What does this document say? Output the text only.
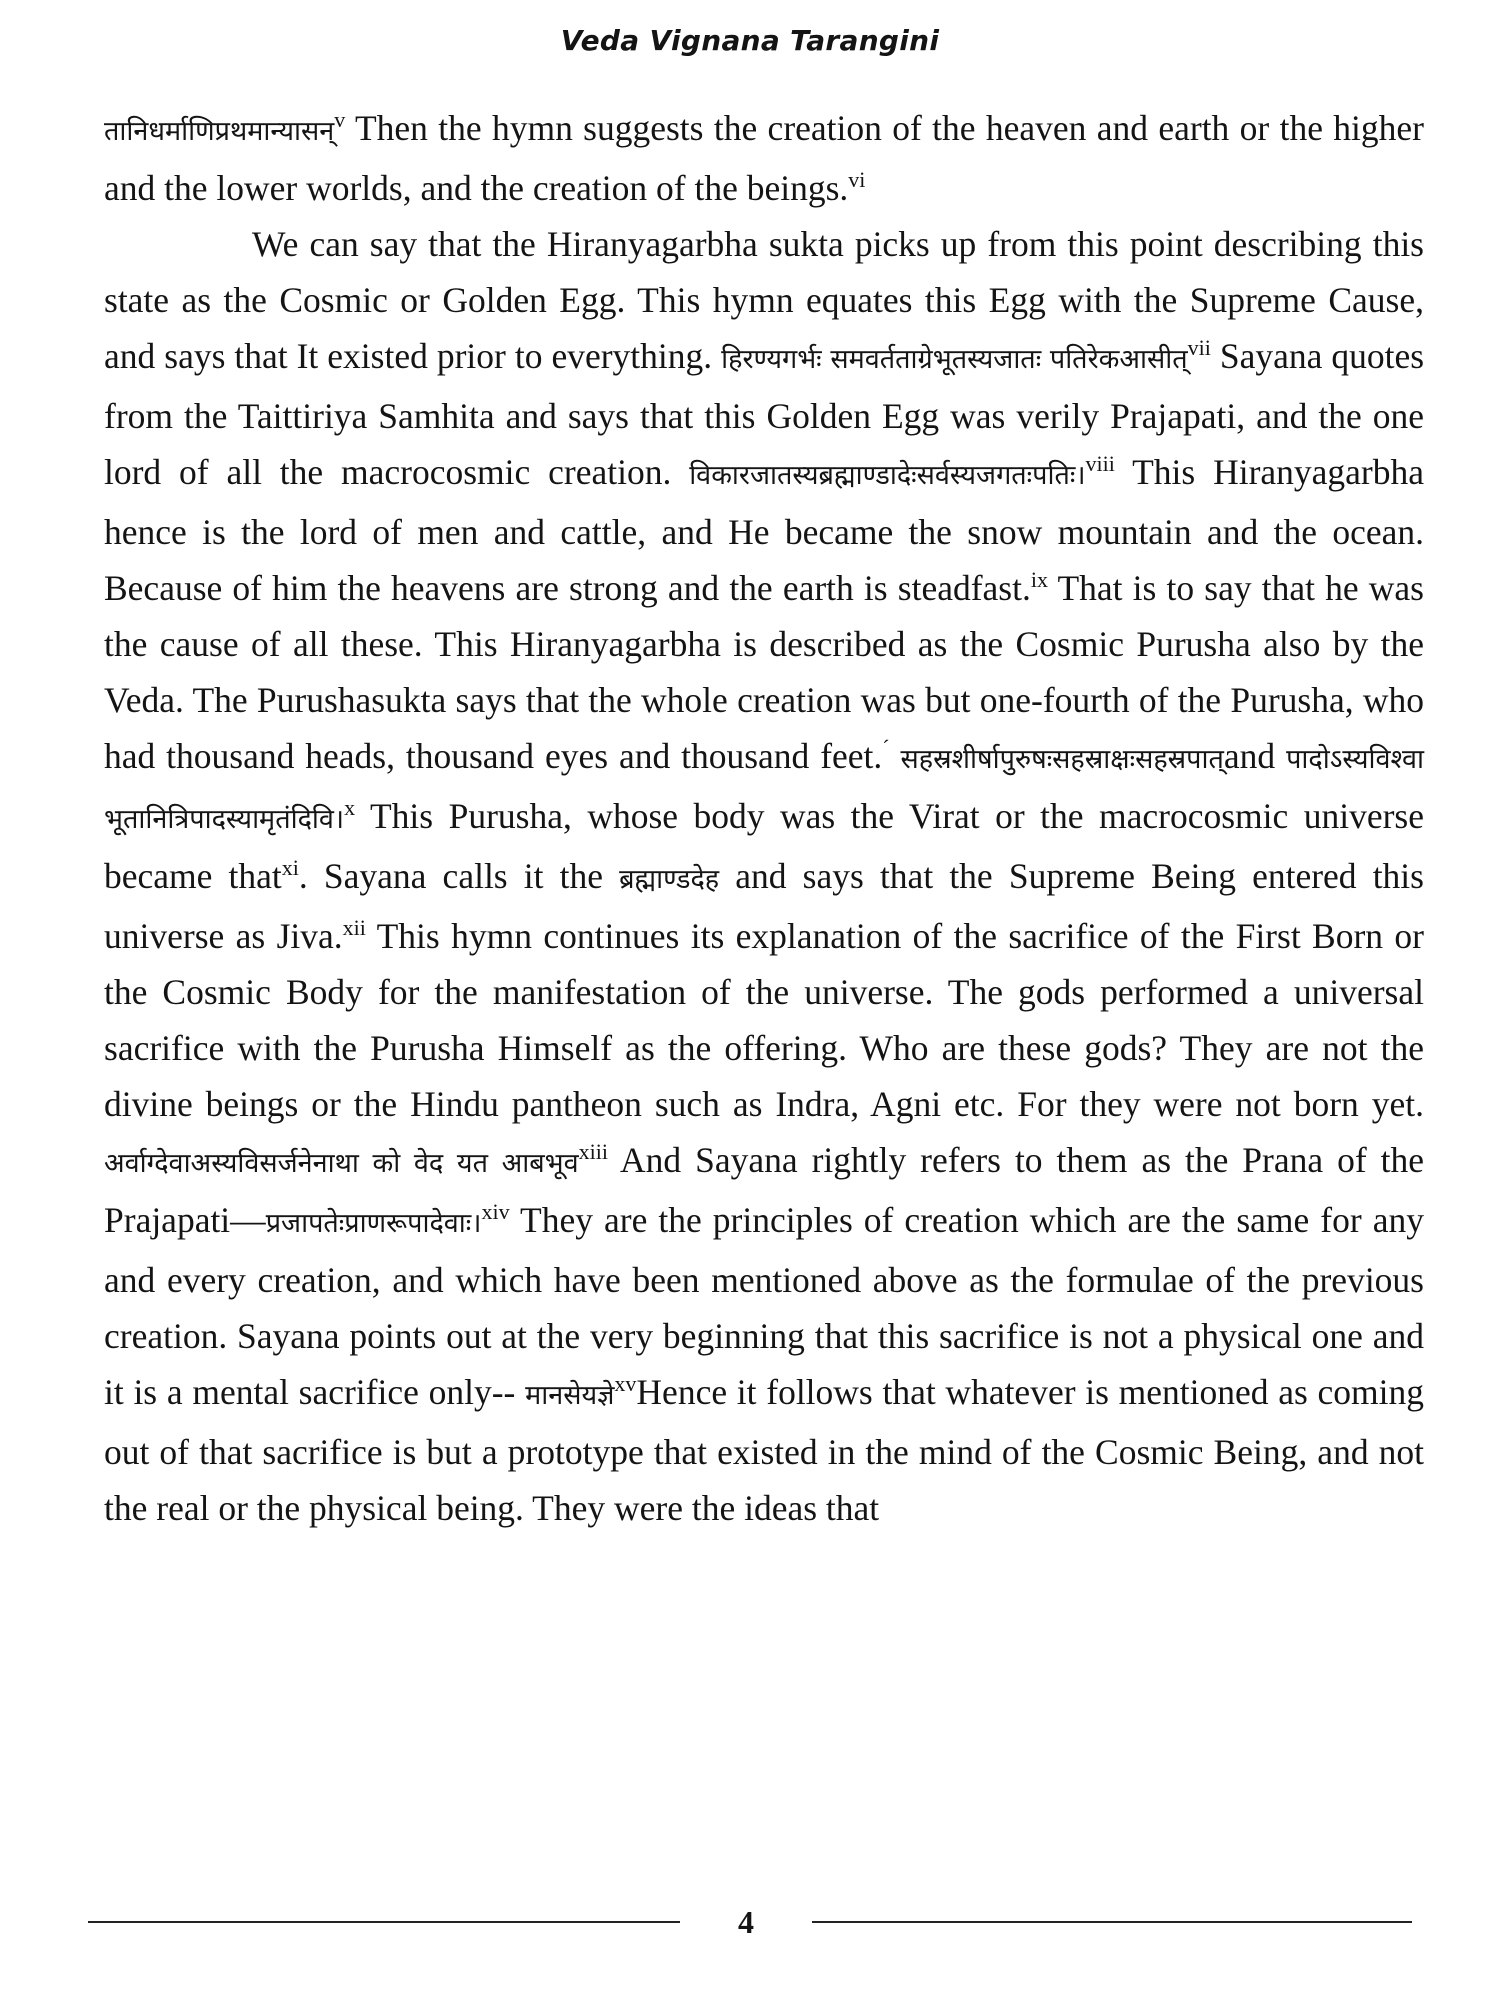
Veda Vignana Tarangini

तानिधर्माणिप्रथमान्यासन्$^v$ Then the hymn suggests the creation of the heaven and earth or the higher and the lower worlds, and the creation of the beings.$^{vi}$

We can say that the Hiranyagarbha sukta picks up from this point describing this state as the Cosmic or Golden Egg. This hymn equates this Egg with the Supreme Cause, and says that It existed prior to everything. हिरण्यगर्भः समवर्तताग्रेभूतस्यजातः पतिरेकआसीत्$^{vii}$ Sayana quotes from the Taittiriya Samhita and says that this Golden Egg was verily Prajapati, and the one lord of all the macrocosmic creation. विकारजातस्यब्रह्माण्डादेःसर्वस्यजगतःपतिः।$^{viii}$ This Hiranyagarbha hence is the lord of men and cattle, and He became the snow mountain and the ocean. Because of him the heavens are strong and the earth is steadfast.$^{ix}$ That is to say that he was the cause of all these. This Hiranyagarbha is described as the Cosmic Purusha also by the Veda. The Purushasukta says that the whole creation was but one-fourth of the Purusha, who had thousand heads, thousand eyes and thousand feet.´ सहस्रशीर्षापुरुषःसहस्राक्षःसहस्रपात्and पादोऽस्यविश्वा भूतानित्रिपादस्यामृतंदिवि।$^x$ This Purusha, whose body was the Virat or the macrocosmic universe became that$^{xi}$. Sayana calls it the ब्रह्माण्डदेह and says that the Supreme Being entered this universe as Jiva.$^{xii}$ This hymn continues its explanation of the sacrifice of the First Born or the Cosmic Body for the manifestation of the universe. The gods performed a universal sacrifice with the Purusha Himself as the offering. Who are these gods? They are not the divine beings or the Hindu pantheon such as Indra, Agni etc. For they were not born yet. अर्वाग्देवाअस्यविसर्जनेनाथा को वेद यत आबभूव$^{xiii}$ And Sayana rightly refers to them as the Prana of the Prajapati—प्रजापतेःप्राणरूपादेवाः।$^{xiv}$ They are the principles of creation which are the same for any and every creation, and which have been mentioned above as the formulae of the previous creation. Sayana points out at the very beginning that this sacrifice is not a physical one and it is a mental sacrifice only-- मानसेयज्ञे$^{xv}$Hence it follows that whatever is mentioned as coming out of that sacrifice is but a prototype that existed in the mind of the Cosmic Being, and not the real or the physical being. They were the ideas that

4
